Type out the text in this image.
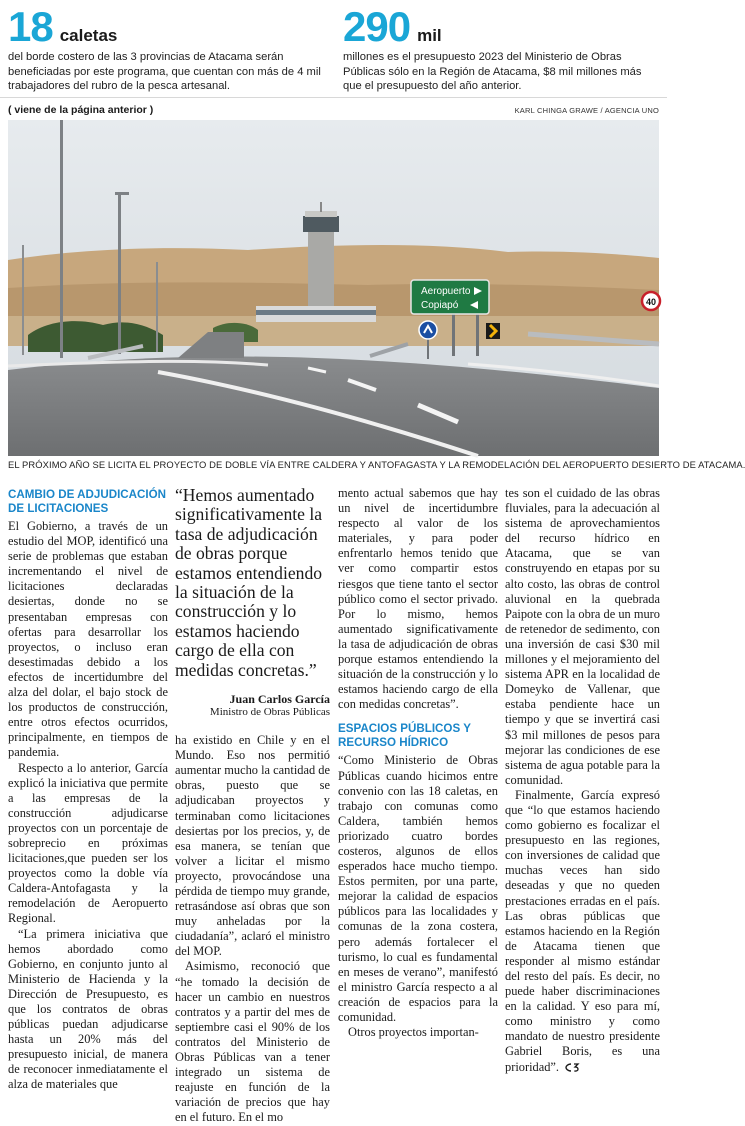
18 caletas
del borde costero de las 3 provincias de Atacama serán beneficiadas por este programa, que cuentan con más de 4 mil trabajadores del rubro de la pesca artesanal.
290 mil
millones es el presupuesto 2023 del Ministerio de Obras Públicas sólo en la Región de Atacama, $8 mil millones más que el presupuesto del año anterior.
( viene de la página anterior )	KARL CHINGA GRAWE / AGENCIA UNO
Aeropuerto
Copiapó	40
EL PRÓXIMO AÑO SE LICITA EL PROYECTO DE DOBLE VÍA ENTRE CALDERA Y ANTOFAGASTA Y LA REMODELACIÓN DEL AEROPUERTO DESIERTO DE ATACAMA.
CAMBIO DE ADJUDICACIÓN DE LICITACIONES

El Gobierno, a través de un estudio del MOP, identificó una serie de problemas que estaban incrementando el nivel de licitaciones declaradas desiertas, donde no se presentaban empresas con ofertas para desarrollar los proyectos, o incluso eran desestimadas debido a los efectos de incertidumbre del alza del dolar, el bajo stock de los productos de construcción, entre otros efectos ocurridos, principalmente, en tiempos de pandemia.

Respecto a lo anterior, García explicó la iniciativa que permite a las empresas de la construcción adjudicarse proyectos con un porcentaje de sobreprecio en próximas licitaciones,que pueden ser los proyectos como la doble vía Caldera-Antofagasta y la remodelación de Aeropuerto Regional.

“La primera iniciativa que hemos abordado como Gobierno, en conjunto junto al Ministerio de Hacienda y la Dirección de Presupuesto, es que los contratos de obras públicas puedan adjudicarse hasta un 20% más del presupuesto inicial, de manera de reconocer inmediatamente el alza de materiales que

“Hemos aumentado significativamente la tasa de adjudicación de obras porque estamos entendiendo la situación de la construcción y lo estamos haciendo cargo de ella con medidas concretas.”
Juan Carlos García
Ministro de Obras Públicas

ha existido en Chile y en el Mundo. Eso nos permitió aumentar mucho la cantidad de obras, puesto que se adjudicaban proyectos y terminaban como licitaciones desiertas por los precios, y, de esa manera, se tenían que volver a licitar el mismo proyecto, provocándose una pérdida de tiempo muy grande, retrasándose así obras que son muy anheladas por la ciudadanía”, aclaró el ministro del MOP.

Asimismo, reconoció que “he tomado la decisión de hacer un cambio en nuestros contratos y a partir del mes de septiembre casi el 90% de los contratos del Ministerio de Obras Públicas van a tener integrado un sistema de reajuste en función de la variación de precios que hay en el futuro. En el mo

mento actual sabemos que hay un nivel de incertidumbre respecto al valor de los materiales, y para poder enfrentarlo hemos tenido que ver como compartir estos riesgos que tiene tanto el sector público como el sector privado. Por lo mismo, hemos aumentado significativamente la tasa de adjudicación de obras porque estamos entendiendo la situación de la construcción y lo estamos haciendo cargo de ella con medidas concretas”.

ESPACIOS PÚBLICOS Y RECURSO HÍDRICO

“Como Ministerio de Obras Públicas cuando hicimos entre convenio con las 18 caletas, en trabajo con comunas como Caldera, también hemos priorizado cuatro bordes costeros, algunos de ellos esperados hace mucho tiempo. Estos permiten, por una parte, mejorar la calidad de espacios públicos para las localidades y comunas de la zona costera, pero además fortalecer el turismo, lo cual es fundamental en meses de verano”, manifestó el ministro García respecto a al creación de espacios para la comunidad.

Otros proyectos importan-

tes son el cuidado de las obras fluviales, para la adecuación al sistema de aprovechamientos del recurso hídrico en Atacama, que se van construyendo en etapas por su alto costo, las obras de control aluvional en la quebrada Paipote con la obra de un muro de retenedor de sedimento, con una inversión de casi $30 mil millones y el mejoramiento del sistema APR en la localidad de Domeyko de Vallenar, que estaba pendiente hace un tiempo y que se invertirá casi $3 mil millones de pesos para mejorar las condiciones de ese sistema de agua potable para la comunidad.

Finalmente, García expresó que “lo que estamos haciendo como gobierno es focalizar el presupuesto en las regiones, con inversiones de calidad que muchas veces han sido deseadas y que no queden prestaciones erradas en el país. Las obras públicas que estamos haciendo en la Región de Atacama tienen que responder al mismo estándar del resto del país. Es decir, no puede haber discriminaciones en la calidad. Y eso para mí, como ministro y como mandato de nuestro presidente Gabriel Boris, es una prioridad”.
